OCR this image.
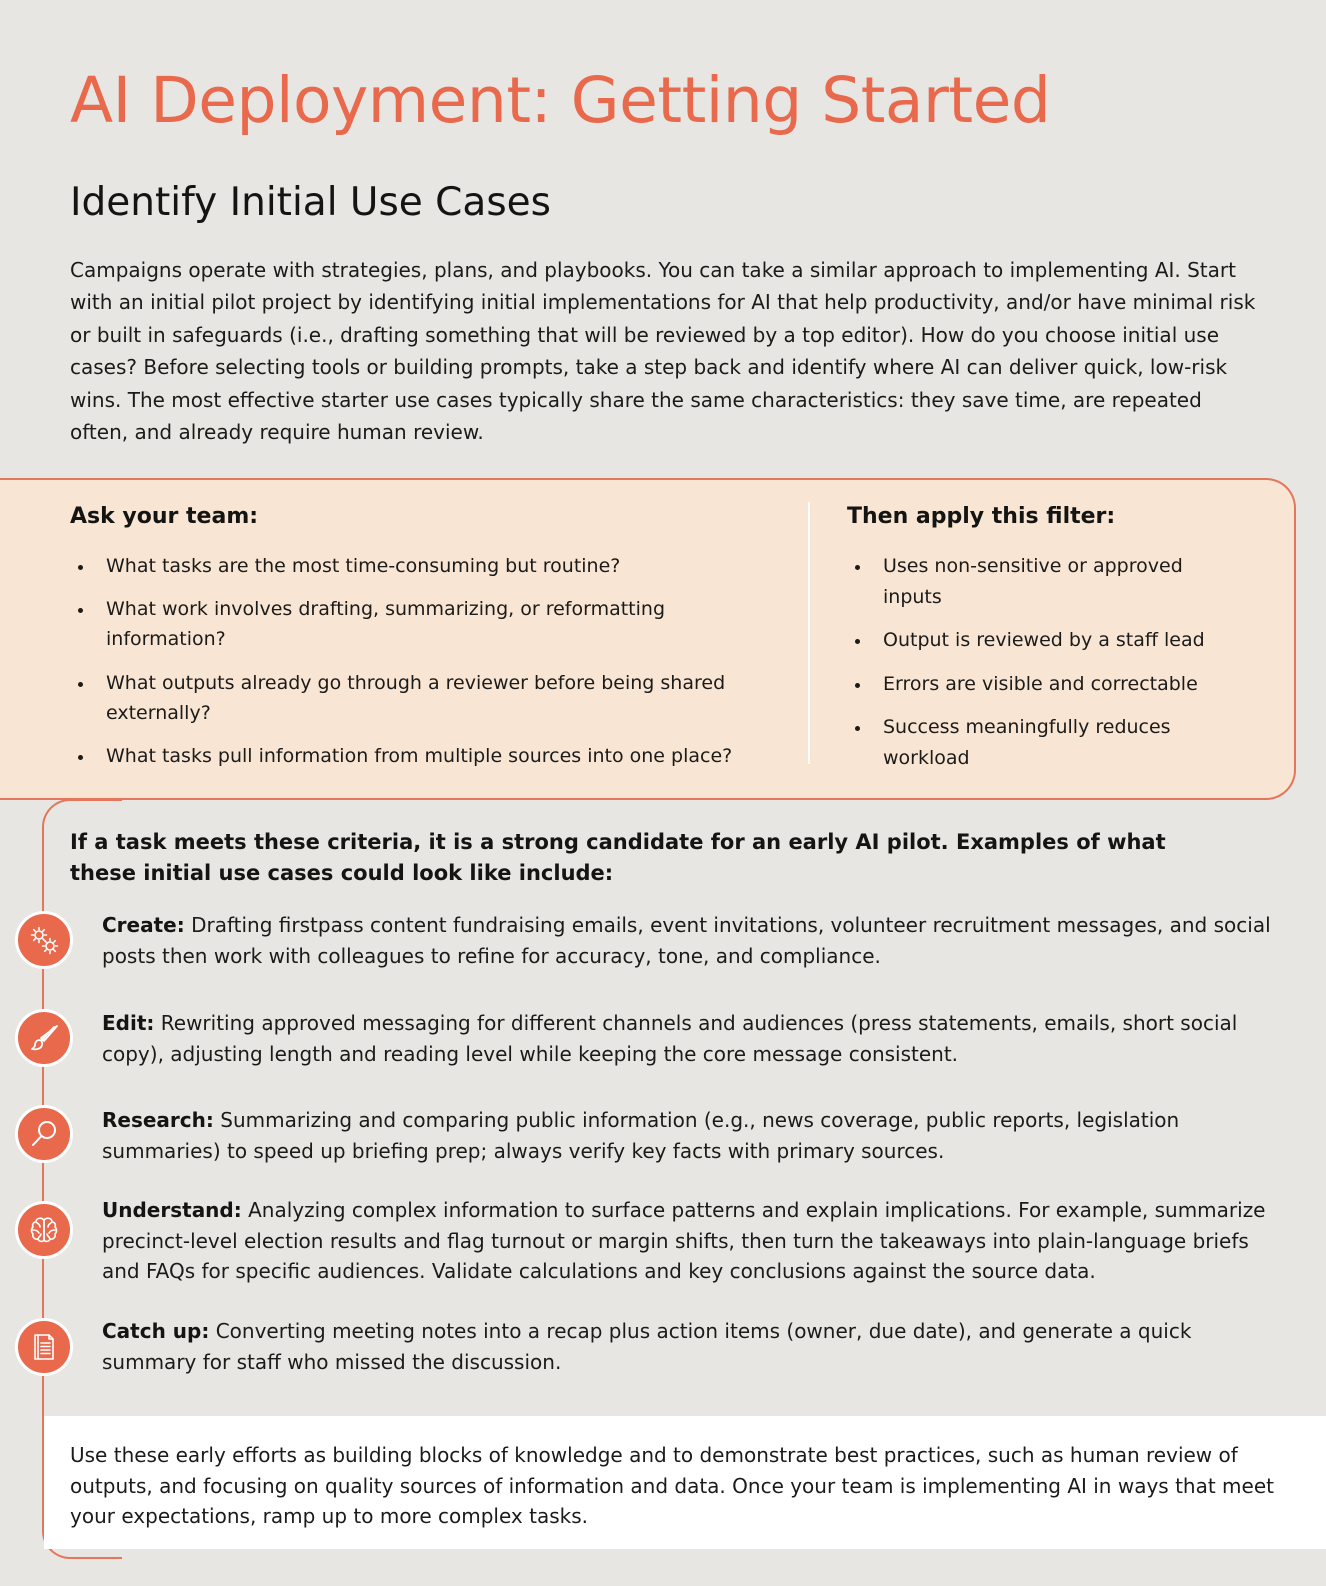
AI Deployment: Getting Started
Identify Initial Use Cases

Campaigns operate with strategies, plans, and playbooks. You can take a similar approach to implementing AI. Start with an initial pilot project by identifying initial implementations for AI that help productivity, and/or have minimal risk or built in safeguards (i.e., drafting something that will be reviewed by a top editor). How do you choose initial use cases? Before selecting tools or building prompts, take a step back and identify where AI can deliver quick, low-risk wins. The most effective starter use cases typically share the same characteristics: they save time, are repeated often, and already require human review.

Ask your team:
What tasks are the most time-consuming but routine?
What work involves drafting, summarizing, or reformatting information?
What outputs already go through a reviewer before being shared externally?
What tasks pull information from multiple sources into one place?
Then apply this filter:
Uses non-sensitive or approved inputs
Output is reviewed by a staff lead
Errors are visible and correctable
Success meaningfully reduces workload

If a task meets these criteria, it is a strong candidate for an early AI pilot. Examples of what these initial use cases could look like include:

Create: Drafting firstpass content fundraising emails, event invitations, volunteer recruitment messages, and social posts then work with colleagues to refine for accuracy, tone, and compliance.

Edit: Rewriting approved messaging for different channels and audiences (press statements, emails, short social copy), adjusting length and reading level while keeping the core message consistent.

Research: Summarizing and comparing public information (e.g., news coverage, public reports, legislation summaries) to speed up briefing prep; always verify key facts with primary sources.

Understand: Analyzing complex information to surface patterns and explain implications. For example, summarize precinct-level election results and flag turnout or margin shifts, then turn the takeaways into plain-language briefs and FAQs for specific audiences. Validate calculations and key conclusions against the source data.

Catch up: Converting meeting notes into a recap plus action items (owner, due date), and generate a quick summary for staff who missed the discussion.

Use these early efforts as building blocks of knowledge and to demonstrate best practices, such as human review of outputs, and focusing on quality sources of information and data. Once your team is implementing AI in ways that meet your expectations, ramp up to more complex tasks.
